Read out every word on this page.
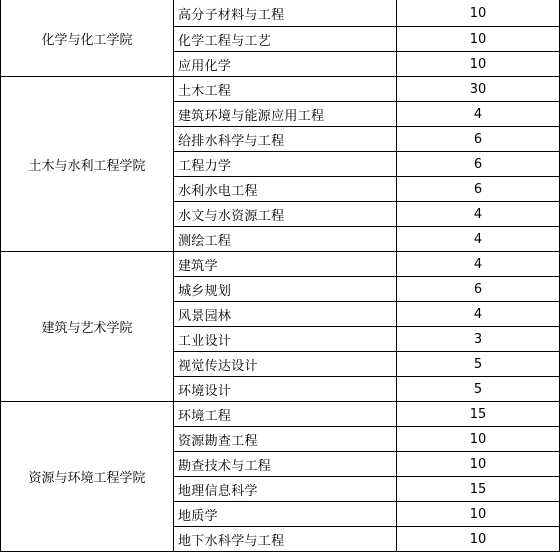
化学与化工学院	高分子材料与工程	10
	化学工程与工艺	10
	应用化学	10
土木与水利工程学院	土木工程	30
	建筑环境与能源应用工程	4
	给排水科学与工程	6
	工程力学	6
	水利水电工程	6
	水文与水资源工程	4
	测绘工程	4
建筑与艺术学院	建筑学	4
	城乡规划	6
	风景园林	4
	工业设计	3
	视觉传达设计	5
	环境设计	5
资源与环境工程学院	环境工程	15
	资源勘查工程	10
	勘查技术与工程	10
	地理信息科学	15
	地质学	10
	地下水科学与工程	10
